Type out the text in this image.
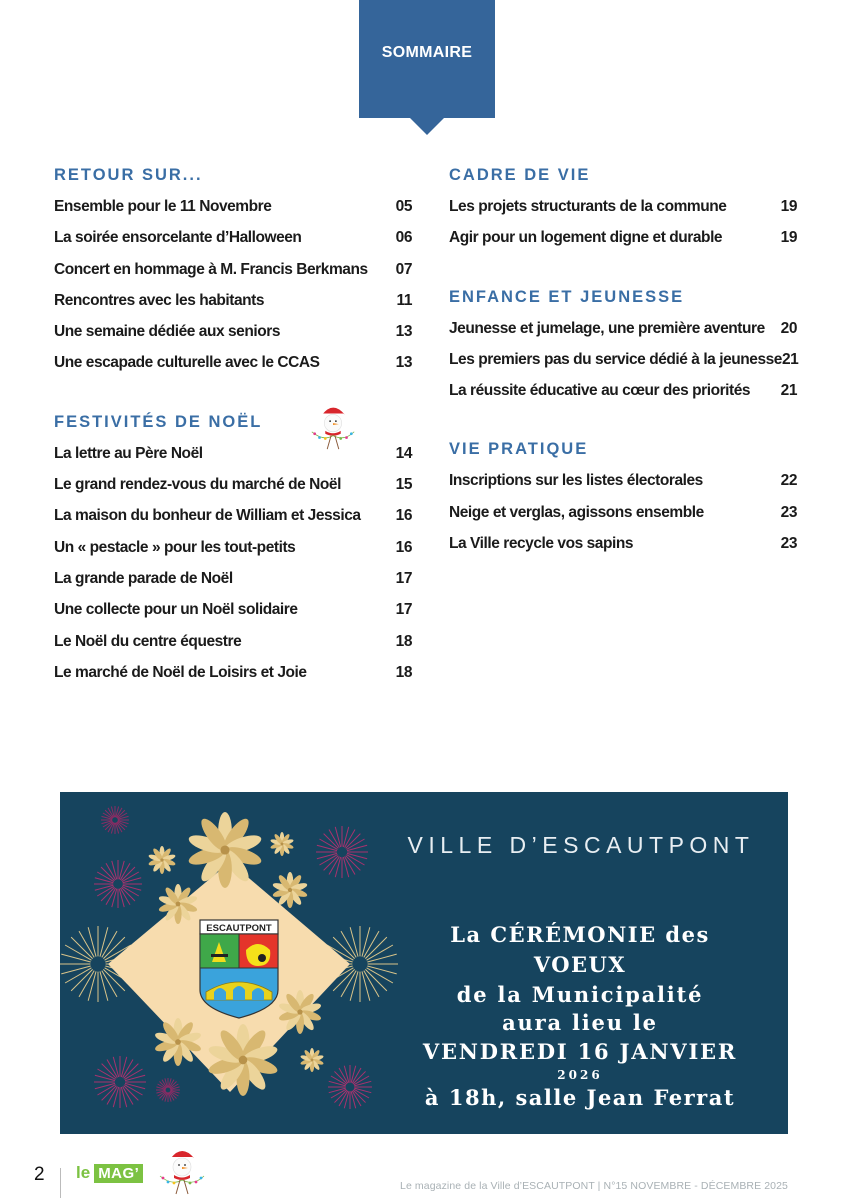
SOMMAIRE
RETOUR SUR...
Ensemble pour le 11 Novembre	05
La soirée ensorcelante d’Halloween	06
Concert en hommage à M. Francis Berkmans 07
Rencontres avec les habitants	11
Une semaine dédiée aux seniors	13
Une escapade culturelle avec le CCAS	13
FESTIVITÉS DE NOËL
La lettre au Père Noël	14
Le grand rendez-vous du marché de Noël	15
La maison du bonheur de William et Jessica 16
Un « pestacle » pour les tout-petits	16
La grande parade de Noël	17
Une collecte pour un Noël solidaire	17
Le Noël du centre équestre	18
Le marché de Noël de Loisirs et Joie	18
CADRE DE VIE
Les projets structurants de la commune	19
Agir pour un logement digne et durable	19
ENFANCE ET JEUNESSE
Jeunesse et jumelage, une première aventure 20
Les premiers pas du service dédié à la jeunesse 21
La réussite éducative au cœur des priorités 21
VIE PRATIQUE
Inscriptions sur les listes électorales	22
Neige et verglas, agissons ensemble	23
La Ville recycle vos sapins	23
ESCAUTPONT
VILLE D’ESCAUTPONT
La CÉRÉMONIE des VOEUX
de la Municipalité
aura lieu le
VENDREDI 16 JANVIER
2026
à 18h, salle Jean Ferrat
2 le MAG’
Le magazine de la Ville d’ESCAUTPONT | N°15 NOVEMBRE - DÉCEMBRE 2025
